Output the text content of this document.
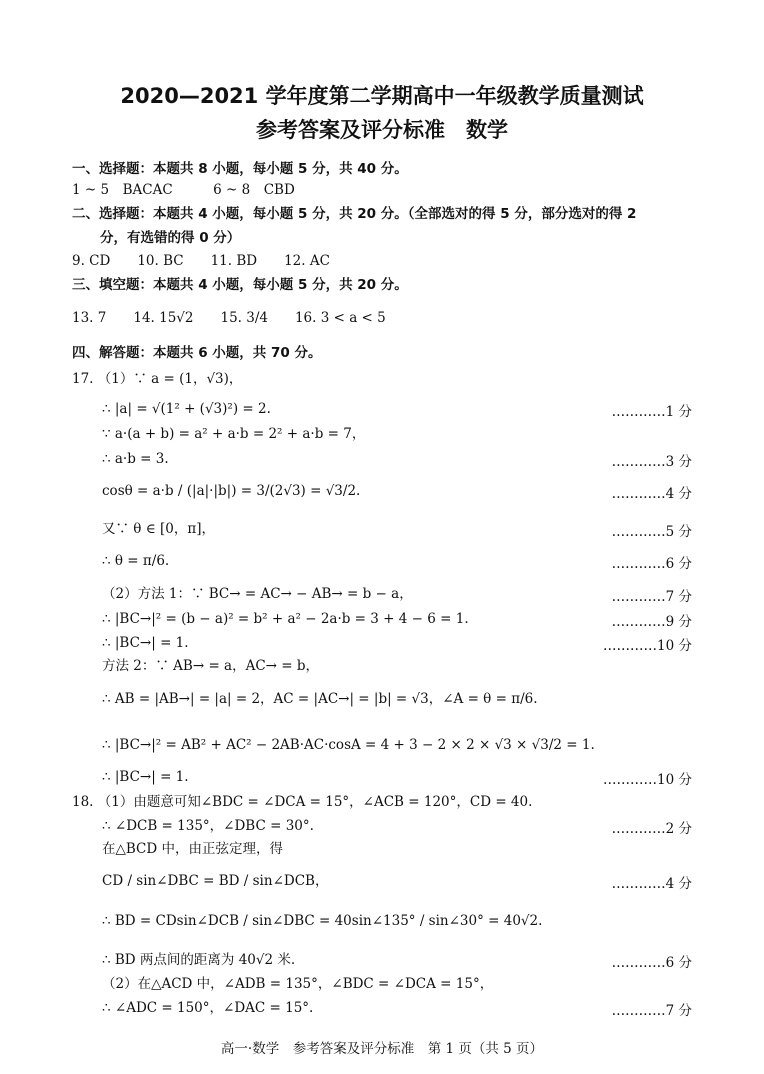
2020—2021 学年度第二学期高中一年级教学质量测试
参考答案及评分标准　数学
一、选择题：本题共 8 小题，每小题 5 分，共 40 分。
1 ~ 5　BACAC　　　6 ~ 8　CBD
二、选择题：本题共 4 小题，每小题 5 分，共 20 分。（全部选对的得 5 分，部分选对的得 2
分，有选错的得 0 分）
9. CD　　10. BC　　11. BD　　12. AC
三、填空题：本题共 4 小题，每小题 5 分，共 20 分。
13. 7　　14. 15√2　　15. 3/4　　16. 3 < a < 5
四、解答题：本题共 6 小题，共 70 分。
17. （1）∵ a = (1，√3)，
∴ |a| = √(1² + (√3)²) = 2.	…………1 分
∵ a·(a + b) = a² + a·b = 2² + a·b = 7，
∴ a·b = 3.	…………3 分
cosθ = a·b / (|a|·|b|) = 3/(2√3) = √3/2.	…………4 分
又∵ θ ∈ [0，π]，	…………5 分
∴ θ = π/6.	…………6 分
（2）方法 1：∵ BC→ = AC→ − AB→ = b − a，	…………7 分
∴ |BC→|² = (b − a)² = b² + a² − 2a·b = 3 + 4 − 6 = 1.	…………9 分
∴ |BC→| = 1.	…………10 分
方法 2：∵ AB→ = a，AC→ = b，
∴ AB = |AB→| = |a| = 2，AC = |AC→| = |b| = √3，∠A = θ = π/6.
∴ |BC→|² = AB² + AC² − 2AB·AC·cosA = 4 + 3 − 2 × 2 × √3 × √3/2 = 1.
∴ |BC→| = 1.	…………10 分
18. （1）由题意可知∠BDC = ∠DCA = 15°，∠ACB = 120°，CD = 40.
∴ ∠DCB = 135°，∠DBC = 30°.	…………2 分
在△BCD 中，由正弦定理，得
CD / sin∠DBC = BD / sin∠DCB，	…………4 分
∴ BD = CDsin∠DCB / sin∠DBC = 40sin∠135° / sin∠30° = 40√2.
∴ BD 两点间的距离为 40√2 米.	…………6 分
（2）在△ACD 中，∠ADB = 135°，∠BDC = ∠DCA = 15°，
∴ ∠ADC = 150°，∠DAC = 15°.	…………7 分
高一·数学　参考答案及评分标准　第 1 页（共 5 页）
